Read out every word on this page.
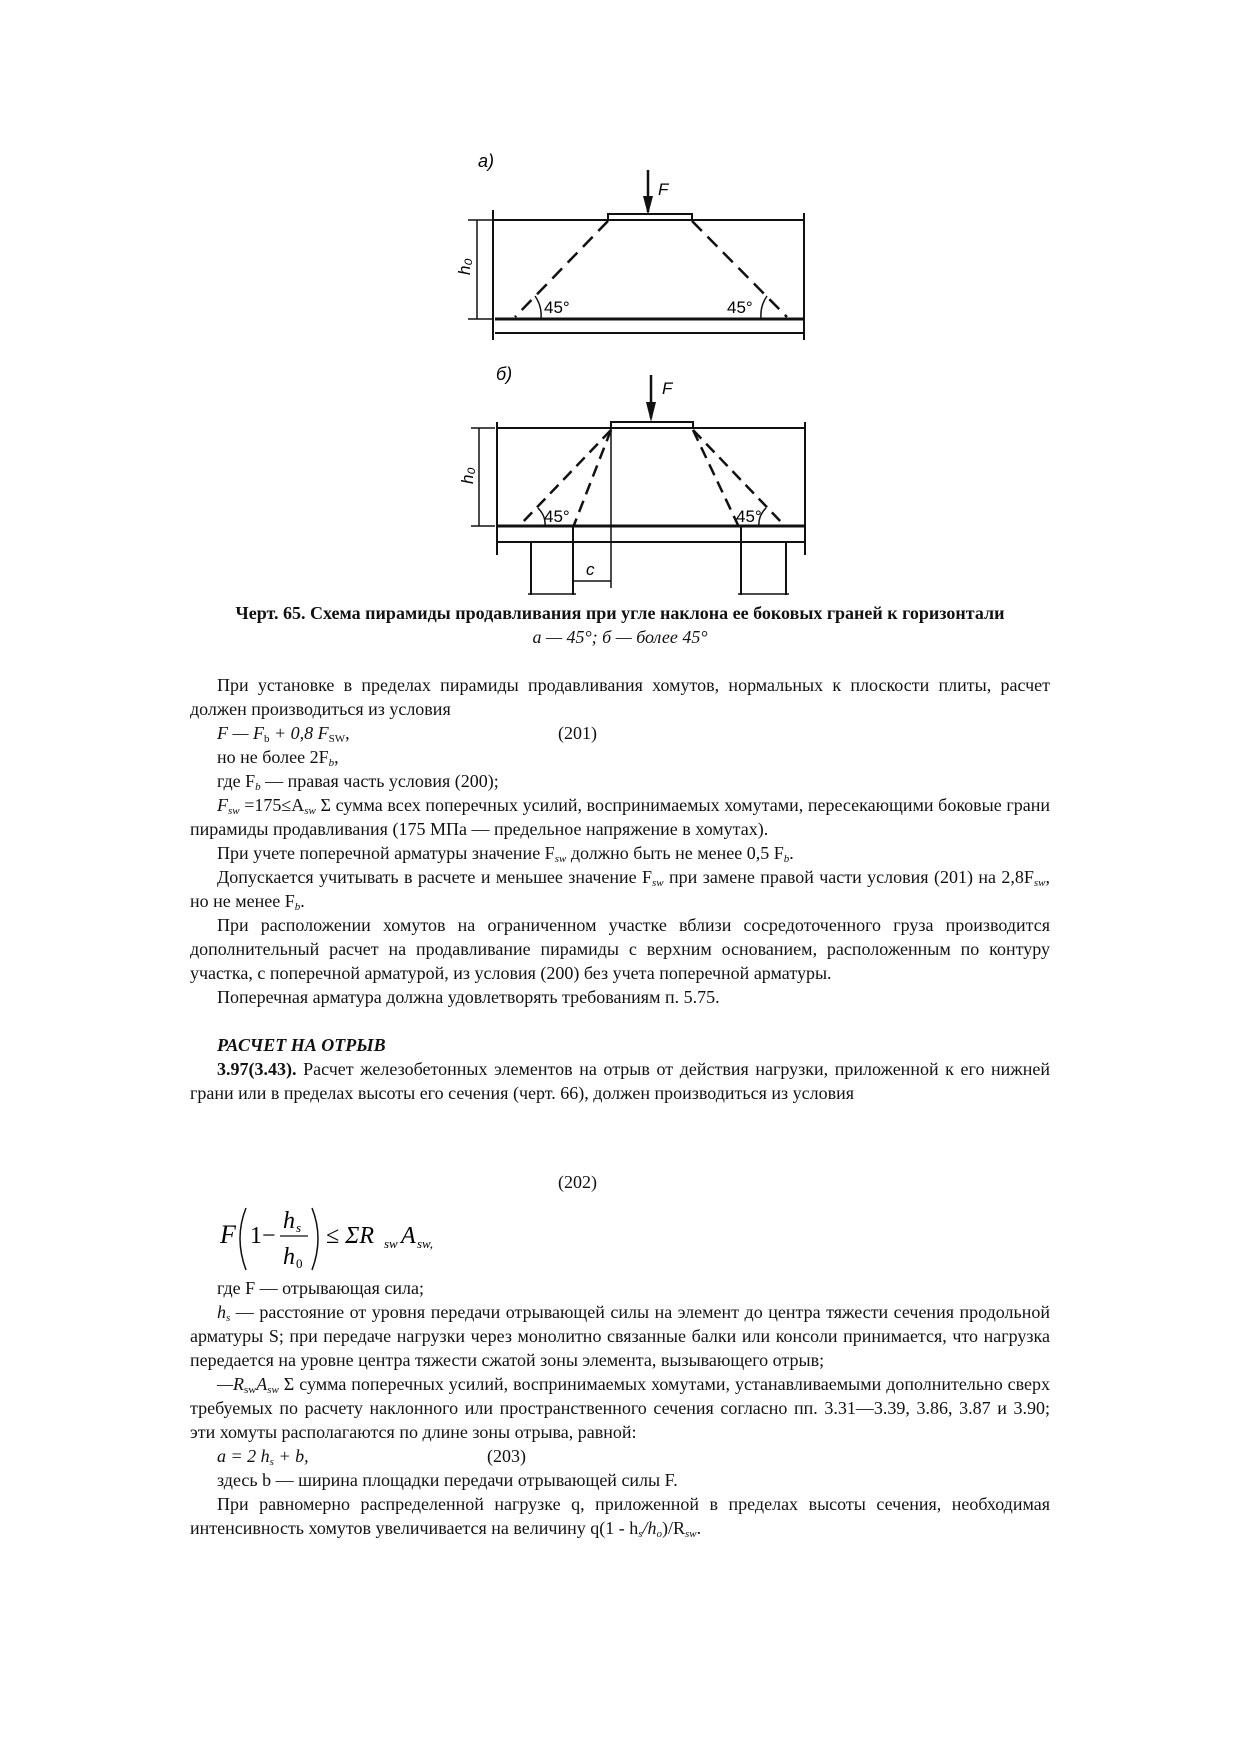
а)
F
45°	45°
h₀
б)
F
45°	45°
c
h₀
Черт. 65. Схема пирамиды продавливания при угле наклона ее боковых граней к горизонтали
а — 45°; б — более 45°

При установке в пределах пирамиды продавливания хомутов, нормальных к плоскости плиты, расчет должен производиться из условия

F — $F_b + 0,8$ $F_{SW}$,	(201)
но не более $2F_b$,
где $F_b$ — правая часть условия (200);

$F_{sw} =175\le A_{sw}$ Σ сумма всех поперечных усилий, воспринимаемых хомутами, пересекающими боковые грани пирамиды продавливания (175 МПа — предельное напряжение в хомутах).

При учете поперечной арматуры значение $F_{sw}$ должно быть не менее 0,5 $F_b$.

Допускается учитывать в расчете и меньшее значение $F_{sw}$ при замене правой части условия (201) на $2,8F_{sw}$, но не менее $F_b$.

При расположении хомутов на ограниченном участке вблизи сосредоточенного груза производится дополнительный расчет на продавливание пирамиды с верхним основанием, расположенным по контуру участка, с поперечной арматурой, из условия (200) без учета поперечной арматуры.

Поперечная арматура должна удовлетворять требованиям п. 5.75.

РАСЧЕТ НА ОТРЫВ

3.97(3.43). Расчет железобетонных элементов на отрыв от действия нагрузки, приложенной к его нижней грани или в пределах высоты его сечения (черт. 66), должен производиться из условия

(202)
F 1−
h s
h 0
≤ ΣR sw A sw,
где F — отрывающая сила;

$h_s$ — расстояние от уровня передачи отрывающей силы на элемент до центра тяжести сечения продольной арматуры S; при передаче нагрузки через монолитно связанные балки или консоли принимается, что нагрузка передается на уровне центра тяжести сжатой зоны элемента, вызывающего отрыв;

$—R_{sw}A_{sw}$ Σ сумма поперечных усилий, воспринимаемых хомутами, устанавливаемыми дополнительно сверх требуемых по расчету наклонного или пространственного сечения согласно пп. 3.31—3.39, 3.86, 3.87 и 3.90; эти хомуты располагаются по длине зоны отрыва, равной:

a = 2 $h_s + b$,	(203)
здесь b — ширина площадки передачи отрывающей силы F.

При равномерно распределенной нагрузке q, приложенной в пределах высоты сечения, необходимая интенсивность хомутов увеличивается на величину $q(1 - h_s/h_o)/R_{sw}$.
